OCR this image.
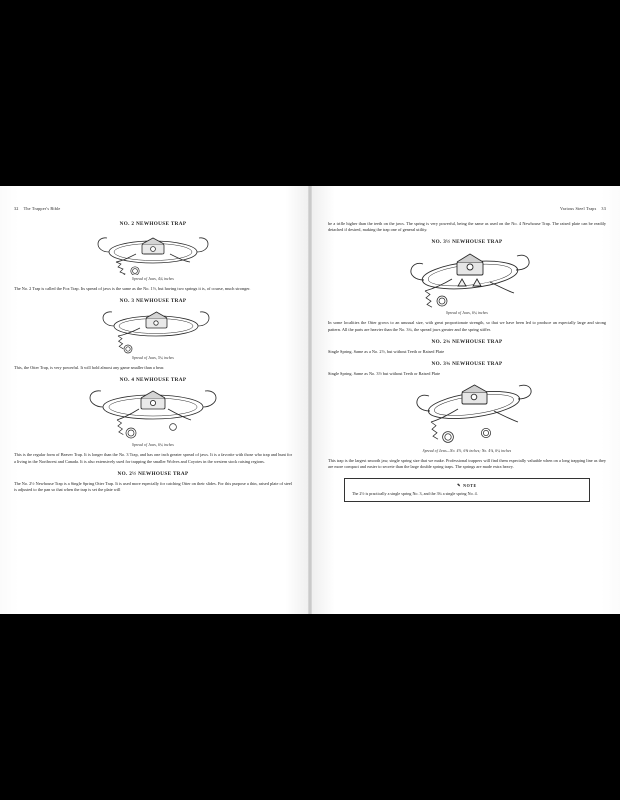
32 The Trapper's Bible
NO. 2 NEWHOUSE TRAP
Spread of Jaws, 4¾ inches

The No. 2 Trap is called the Fox Trap. Its spread of jaws is the same as the No. 1½, but having two springs it is, of course, much stronger.

NO. 3 NEWHOUSE TRAP
Spread of Jaws, 5¼ inches

This, the Otter Trap, is very powerful. It will hold almost any game smaller than a bear.

NO. 4 NEWHOUSE TRAP
Spread of Jaws, 6¼ inches

This is the regular form of Beaver Trap. It is longer than the No. 3 Trap, and has one inch greater spread of jaws. It is a favorite with those who trap and hunt for a living in the Northwest and Canada. It is also extensively used for trapping the smaller Wolves and Coyotes in the western stock raising regions.

NO. 2½ NEWHOUSE TRAP

The No. 2½ Newhouse Trap is a Single Spring Otter Trap. It is used more especially for catching Otter on their slides. For this purpose a thin, raised plate of steel is adjusted to the pan so that when the trap is set the plate will

Various Steel Traps 33

be a trifle higher than the teeth on the jaws. The spring is very powerful, being the same as used on the No. 4 Newhouse Trap. The raised plate can be readily detached if desired, making the trap one of general utility.

NO. 3½ NEWHOUSE TRAP
Spread of Jaws, 6¼ inches

In some localities the Otter grows to an unusual size, with great proportionate strength, so that we have been led to produce an especially large and strong pattern. All the parts are heavier than the No. 3¼, the spread jaws greater and the spring stiffer.

NO. 2¾ NEWHOUSE TRAP

Single Spring. Same as a No. 2½, but without Teeth or Raised Plate

NO. 3¾ NEWHOUSE TRAP

Single Spring. Same as No. 3½ but without Teeth or Raised Plate

Spread of Jaws—No. 4½, 6⅜ inches; No. 4⅛, 6¼ inches

This trap is the largest smooth jaw, single spring size that we make. Professional trappers will find them especially valuable when on a long trapping line as they are more compact and easier to secrete than the large double spring traps. The springs are made extra heavy.

✎ NOTE
The 2½ is practically a single spring No. 3, and the 3¾ a single spring No. 4.
